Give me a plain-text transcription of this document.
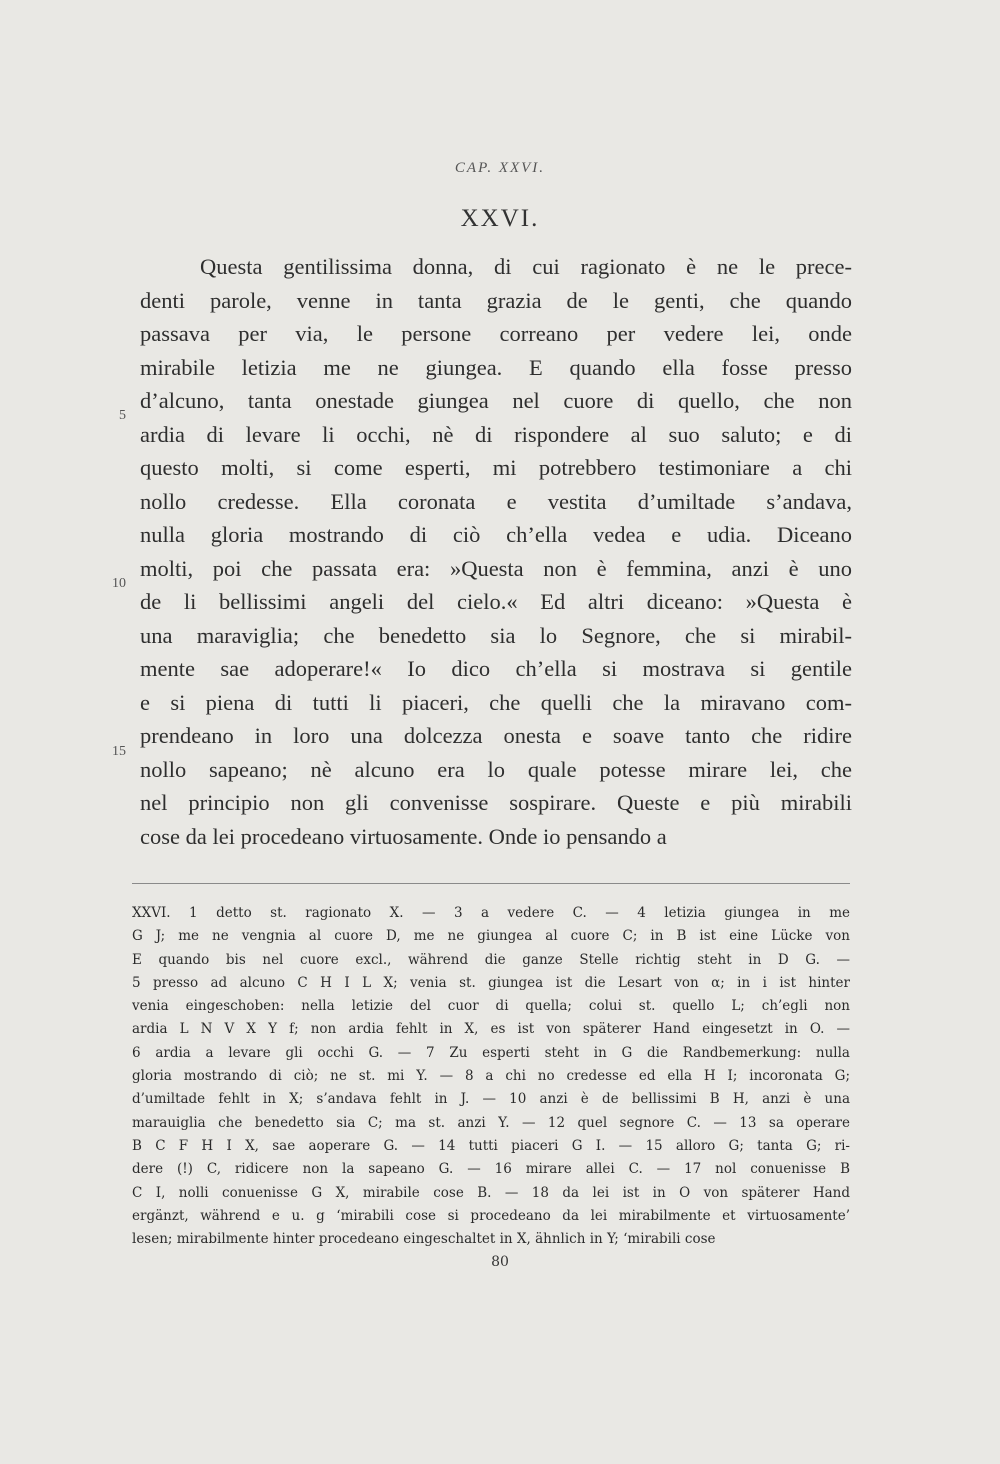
CAP. XXVI.
XXVI.
Questa gentilissima donna, di cui ragionato è ne le prece-
denti parole, venne in tanta grazia de le genti, che quando
passava per via, le persone correano per vedere lei, onde
mirabile letizia me ne giungea. E quando ella fosse presso
d’alcuno, tanta onestade giungea nel cuore di quello, che non
ardia di levare li occhi, nè di rispondere al suo saluto; e di
questo molti, si come esperti, mi potrebbero testimoniare a chi
nollo credesse. Ella coronata e vestita d’umiltade s’andava,
nulla gloria mostrando di ciò ch’ella vedea e udia. Diceano
molti, poi che passata era: »Questa non è femmina, anzi è uno
de li bellissimi angeli del cielo.« Ed altri diceano: »Questa è
una maraviglia; che benedetto sia lo Segnore, che si mirabil-
mente sae adoperare!« Io dico ch’ella si mostrava si gentile
e si piena di tutti li piaceri, che quelli che la miravano com-
prendeano in loro una dolcezza onesta e soave tanto che ridire
nollo sapeano; nè alcuno era lo quale potesse mirare lei, che
nel principio non gli convenisse sospirare. Queste e più mirabili
cose da lei procedeano virtuosamente. Onde io pensando a
5
10
15
XXVI. 1 detto st. ragionato X. — 3 a vedere C. — 4 letizia giungea in me
G J; me ne vengnia al cuore D, me ne giungea al cuore C; in B ist eine Lücke von
E quando bis nel cuore excl., während die ganze Stelle richtig steht in D G. —
5 presso ad alcuno C H I L X; venia st. giungea ist die Lesart von α; in i ist hinter
venia eingeschoben: nella letizie del cuor di quella; colui st. quello L; ch’egli non
ardia L N V X Y f; non ardia fehlt in X, es ist von späterer Hand eingesetzt in O. —
6 ardia a levare gli occhi G. — 7 Zu esperti steht in G die Randbemerkung: nulla
gloria mostrando di ciò; ne st. mi Y. — 8 a chi no credesse ed ella H I; incoronata G;
d’umiltade fehlt in X; s’andava fehlt in J. — 10 anzi è de bellissimi B H, anzi è una
marauiglia che benedetto sia C; ma st. anzi Y. — 12 quel segnore C. — 13 sa operare
B C F H I X, sae aoperare G. — 14 tutti piaceri G I. — 15 alloro G; tanta G; ri-
dere (!) C, ridicere non la sapeano G. — 16 mirare allei C. — 17 nol conuenisse B
C I, nolli conuenisse G X, mirabile cose B. — 18 da lei ist in O von späterer Hand
ergänzt, während e u. g ‘mirabili cose si procedeano da lei mirabilmente et virtuosamente’
lesen; mirabilmente hinter procedeano eingeschaltet in X, ähnlich in Y; ‘mirabili cose
80
